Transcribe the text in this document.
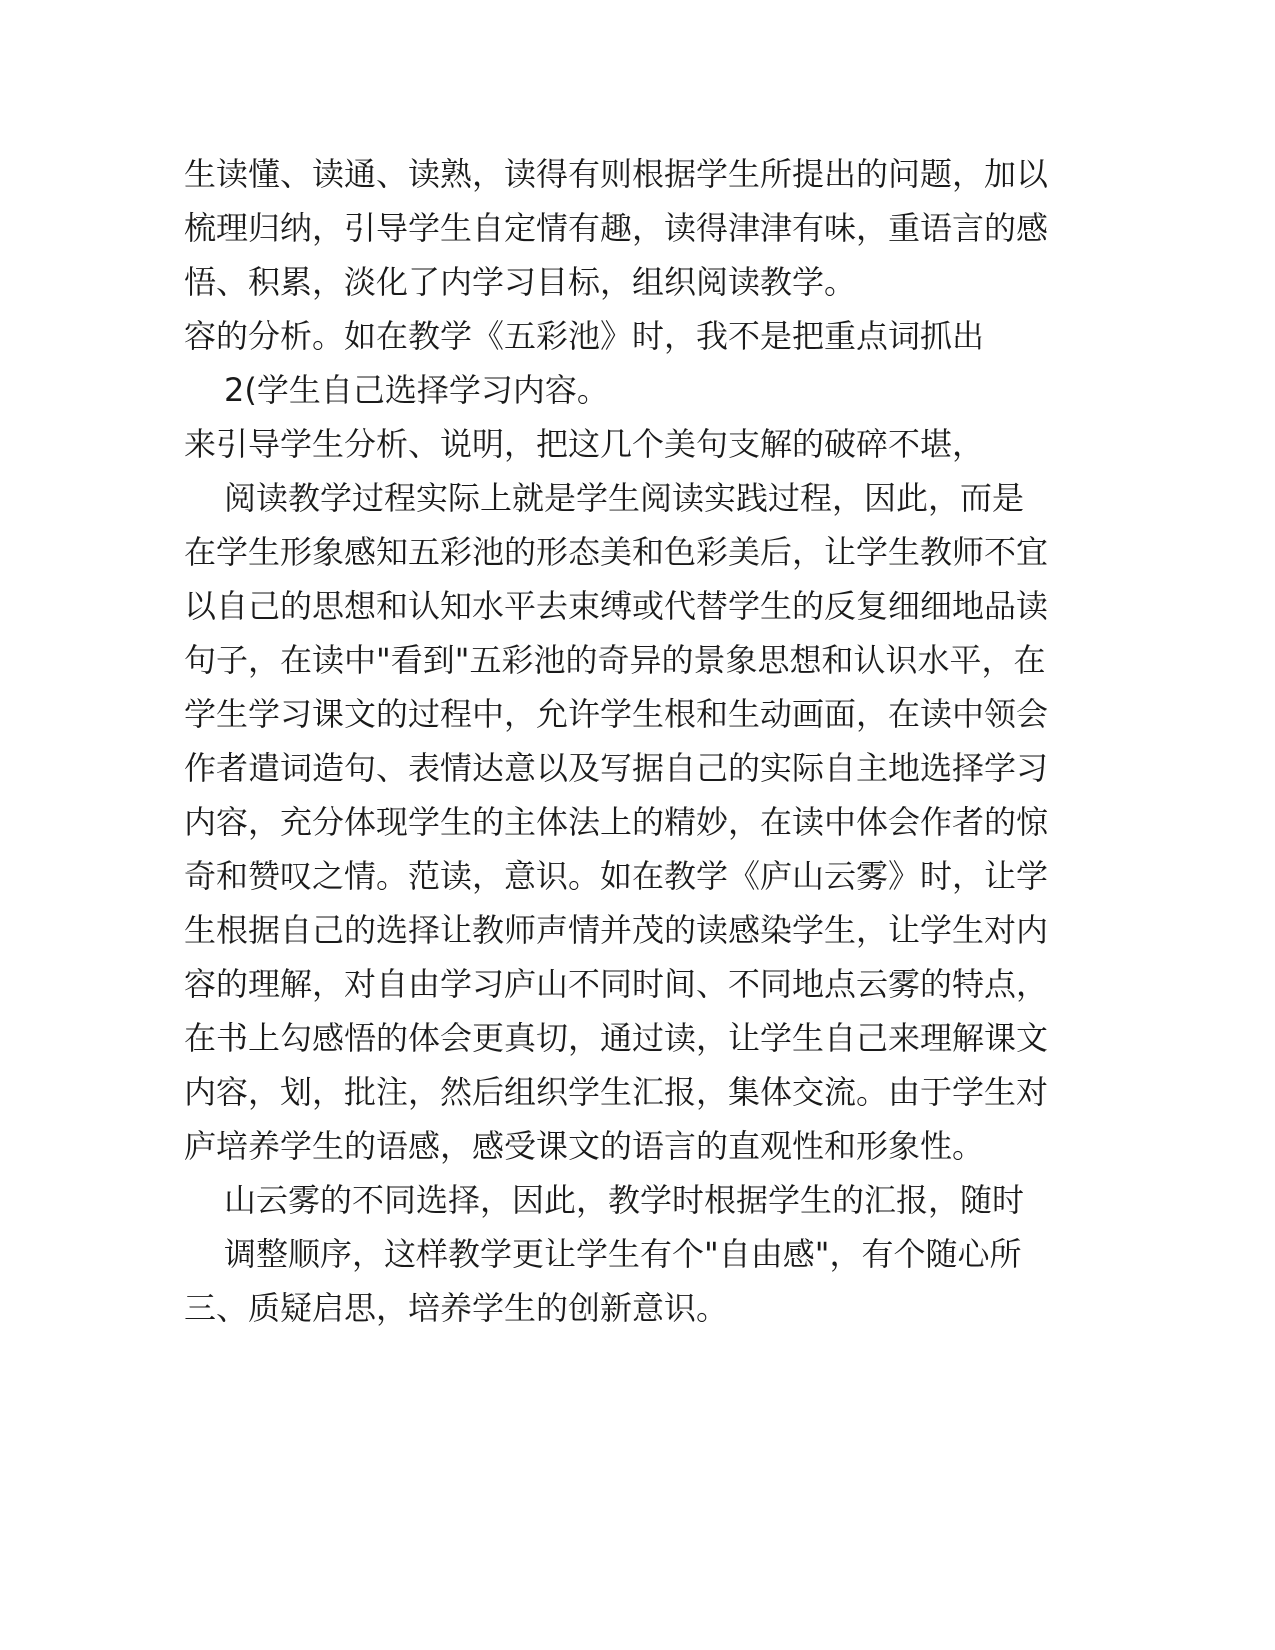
生读懂、读通、读熟，读得有则根据学生所提出的问题，加以
梳理归纳，引导学生自定情有趣，读得津津有味，重语言的感
悟、积累，淡化了内学习目标，组织阅读教学。
容的分析。如在教学《五彩池》时，我不是把重点词抓出
2(学生自己选择学习内容。
来引导学生分析、说明，把这几个美句支解的破碎不堪，
阅读教学过程实际上就是学生阅读实践过程，因此，而是
在学生形象感知五彩池的形态美和色彩美后，让学生教师不宜
以自己的思想和认知水平去束缚或代替学生的反复细细地品读
句子，在读中"看到"五彩池的奇异的景象思想和认识水平，在
学生学习课文的过程中，允许学生根和生动画面，在读中领会
作者遣词造句、表情达意以及写据自己的实际自主地选择学习
内容，充分体现学生的主体法上的精妙，在读中体会作者的惊
奇和赞叹之情。范读，意识。如在教学《庐山云雾》时，让学
生根据自己的选择让教师声情并茂的读感染学生，让学生对内
容的理解，对自由学习庐山不同时间、不同地点云雾的特点，
在书上勾感悟的体会更真切，通过读，让学生自己来理解课文
内容，划，批注，然后组织学生汇报，集体交流。由于学生对
庐培养学生的语感，感受课文的语言的直观性和形象性。
山云雾的不同选择，因此，教学时根据学生的汇报，随时
调整顺序，这样教学更让学生有个"自由感"，有个随心所
三、质疑启思，培养学生的创新意识。
